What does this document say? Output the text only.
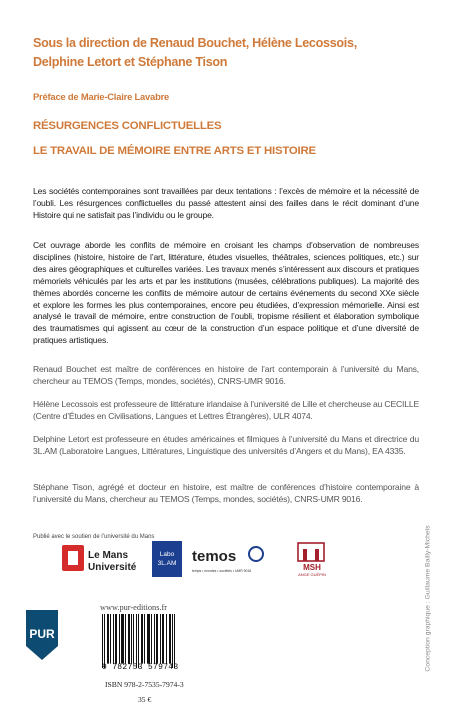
Sous la direction de Renaud Bouchet, Hélène Lecossois,
Delphine Letort et Stéphane Tison
Préface de Marie-Claire Lavabre
RÉSURGENCES CONFLICTUELLES
LE TRAVAIL DE MÉMOIRE ENTRE ARTS ET HISTOIRE
Les sociétés contemporaines sont travaillées par deux tentations : l’excès de mémoire et la nécessité de l’oubli. Les résurgences conflictuelles du passé attestent ainsi des failles dans le récit dominant d’une Histoire qui ne satisfait pas l’individu ou le groupe.
Cet ouvrage aborde les conflits de mémoire en croisant les champs d’observation de nombreuses disciplines (histoire, histoire de l’art, littérature, études visuelles, théâtrales, sciences politiques, etc.) sur des aires géographiques et culturelles variées. Les travaux menés s’intéressent aux discours et pratiques mémoriels véhiculés par les arts et par les institutions (musées, célébrations publiques). La majorité des thèmes abordés concerne les conflits de mémoire autour de certains événements du second XXe siècle et explore les formes les plus contemporaines, encore peu étudiées, d’expression mémorielle. Ainsi est analysé le travail de mémoire, entre construction de l’oubli, tropisme résilient et élaboration symbolique des traumatismes qui agissent au cœur de la construction d’un espace politique et d’une diversité de pratiques artistiques.
Renaud Bouchet est maître de conférences en histoire de l’art contemporain à l’université du Mans, chercheur au TEMOS (Temps, mondes, sociétés), CNRS-UMR 9016.
Hélène Lecossois est professeure de littérature irlandaise à l’université de Lille et chercheuse au CECILLE (Centre d’Études en Civilisations, Langues et Lettres Étrangères), ULR 4074.
Delphine Letort est professeure en études américaines et filmiques à l’université du Mans et directrice du 3L.AM (Laboratoire Langues, Littératures, Linguistique des universités d’Angers et du Mans), EA 4335.
Stéphane Tison, agrégé et docteur en histoire, est maître de conférences d’histoire contemporaine à l’université du Mans, chercheur au TEMOS (Temps, mondes, sociétés), CNRS-UMR 9016.
Publié avec le soutien de l’université du Mans
Le Mans
Université
Labo
3L.AM	temos
temps • mondes • sociétés • UMR 9016	MSH
ANGE GUÉPIN	Conception graphique : Guillaume Bailly-Michels
PUR
www.pur-editions.fr
9 782753 579743
ISBN 978-2-7535-7974-3
35 €
